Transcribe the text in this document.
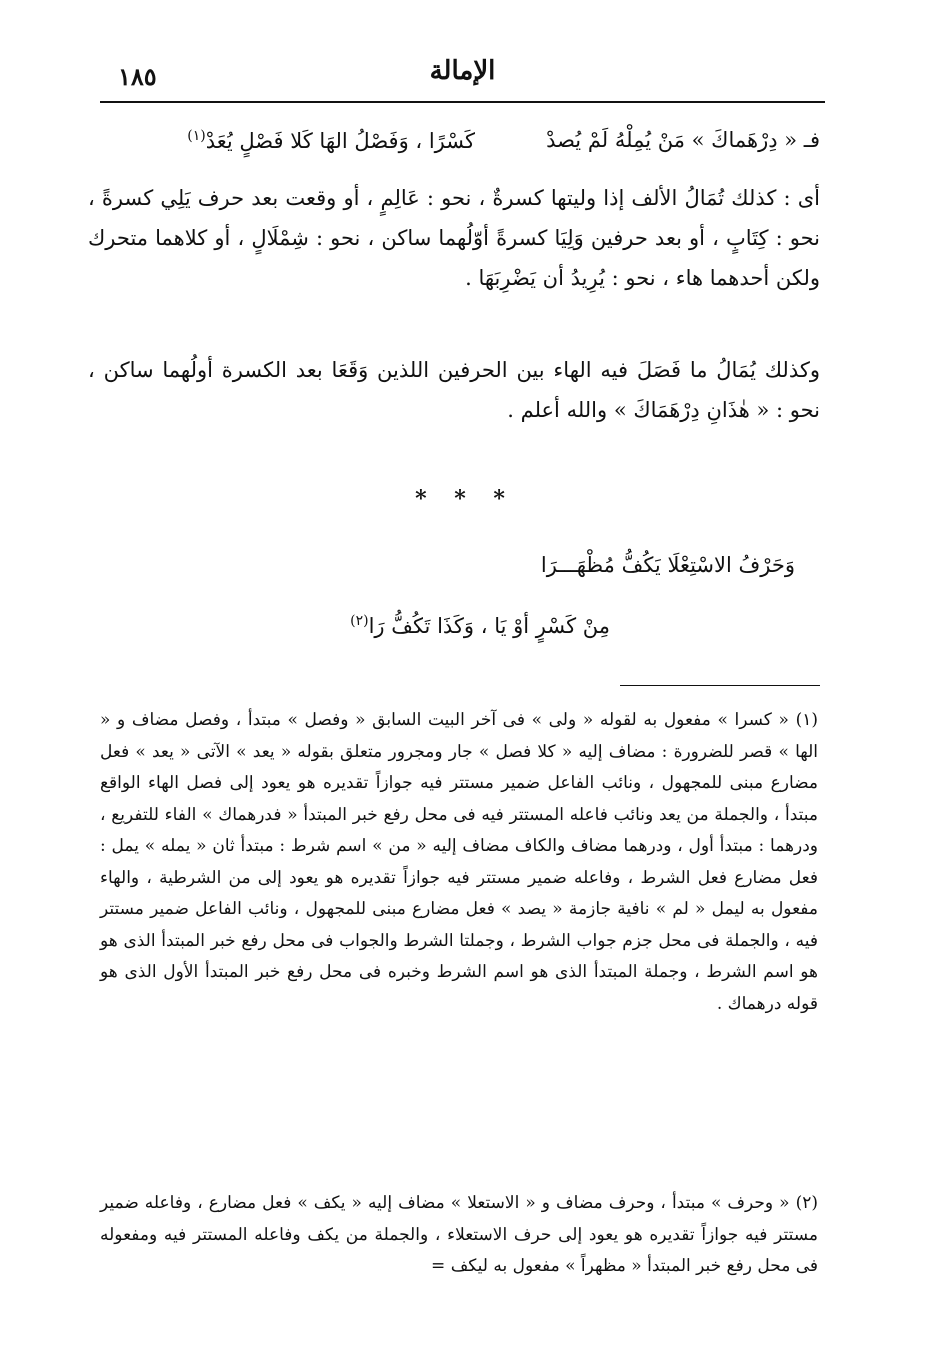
١٨٥	الإمالة
فـ « دِرْهَماكَ » مَنْ يُمِلْهُ لَمْ يُصدْ
كَسْرًا ، وَفَصْلُ الهَا كَلا فَصْلٍ يُعَدْ$^{(١)}$

أى : كذلك تُمَالُ الألف إذا وليتها كسرةٌ ، نحو : عَالِمٍ ، أو وقعت بعد حرف يَلِي كسرةً ، نحو : كِتَابٍ ، أو بعد حرفين وَلِيَا كسرةً أوّلُهما ساكن ، نحو : شِمْلَالٍ ، أو كلاهما متحرك ولكن أحدهما هاء ، نحو : يُرِيدُ أن يَضْرِبَهَا .

وكذلك يُمَالُ ما فَصَلَ فيه الهاء بين الحرفين اللذين وَقَعَا بعد الكسرة أولُهما ساكن ، نحو : « هٰذَانِ دِرْهَمَاكَ » والله أعلم .

* * *
وَحَرْفُ الاسْتِعْلَا يَكُفُّ مُظْهَـــرَا
مِنْ كَسْرٍ أوْ يَا ، وَكَذَا تَكُفُّ رَا$^{(٢)}$

(١) « كسرا » مفعول به لقوله « ولى » فى آخر البيت السابق « وفصل » مبتدأ ، وفصل مضاف و « الها » قصر للضرورة : مضاف إليه « كلا فصل » جار ومجرور متعلق بقوله « يعد » الآتى « يعد » فعل مضارع مبنى للمجهول ، ونائب الفاعل ضمير مستتر فيه جوازاً تقديره هو يعود إلى فصل الهاء الواقع مبتدأ ، والجملة من يعد ونائب فاعله المستتر فيه فى محل رفع خبر المبتدأ « فدرهماك » الفاء للتفريع ، ودرهما : مبتدأ أول ، ودرهما مضاف والكاف مضاف إليه « من » اسم شرط : مبتدأ ثان « يمله » يمل : فعل مضارع فعل الشرط ، وفاعله ضمير مستتر فيه جوازاً تقديره هو يعود إلى من الشرطية ، والهاء مفعول به ليمل « لم » نافية جازمة « يصد » فعل مضارع مبنى للمجهول ، ونائب الفاعل ضمير مستتر فيه ، والجملة فى محل جزم جواب الشرط ، وجملتا الشرط والجواب فى محل رفع خبر المبتدأ الذى هو هو اسم الشرط ، وجملة المبتدأ الذى هو اسم الشرط وخبره فى محل رفع خبر المبتدأ الأول الذى هو قوله درهماك .

(٢) « وحرف » مبتدأ ، وحرف مضاف و « الاستعلا » مضاف إليه « يكف » فعل مضارع ، وفاعله ضمير مستتر فيه جوازاً تقديره هو يعود إلى حرف الاستعلاء ، والجملة من يكف وفاعله المستتر فيه ومفعوله فى محل رفع خبر المبتدأ « مظهراً » مفعول به ليكف =
